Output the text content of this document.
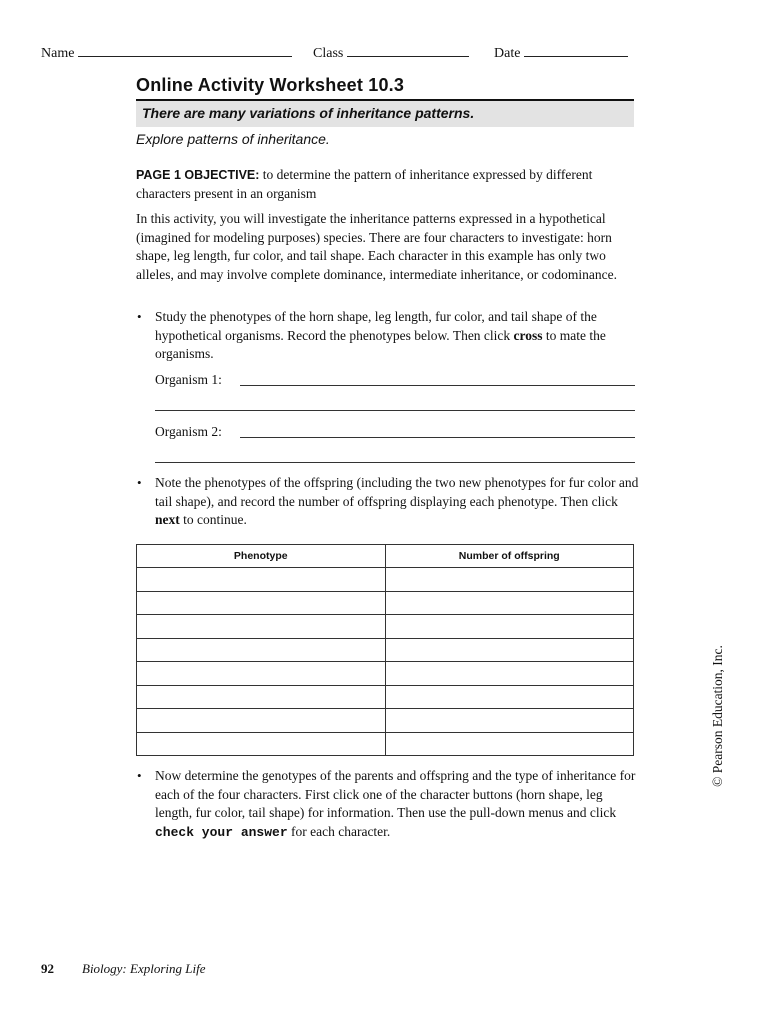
Name	Class	Date
Online Activity Worksheet 10.3
There are many variations of inheritance patterns.
Explore patterns of inheritance.
PAGE 1 OBJECTIVE: to determine the pattern of inheritance expressed by different characters present in an organism
In this activity, you will investigate the inheritance patterns expressed in a hypothetical (imagined for modeling purposes) species. There are four characters to investigate: horn shape, leg length, fur color, and tail shape. Each character in this example has only two alleles, and may involve complete dominance, intermediate inheritance, or codominance.
• Study the phenotypes of the horn shape, leg length, fur color, and tail shape of the hypothetical organisms. Record the phenotypes below. Then click cross to mate the organisms.
Organism 1:
Organism 2:
• Note the phenotypes of the offspring (including the two new phenotypes for fur color and tail shape), and record the number of offspring displaying each phenotype. Then click next to continue.
Phenotype	Number of offspring

© Pearson Education, Inc.
• Now determine the genotypes of the parents and offspring and the type of inheritance for each of the four characters. First click one of the character buttons (horn shape, leg length, fur color, tail shape) for information. Then use the pull-down menus and click check your answer for each character.
92 Biology: Exploring Life
